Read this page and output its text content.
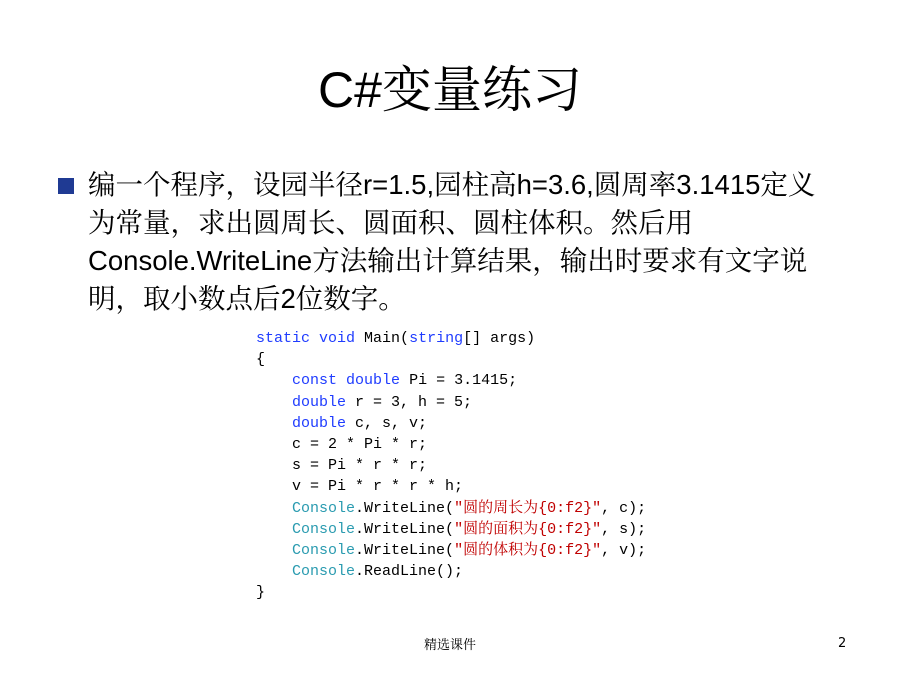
C#变量练习
编一个程序，设园半径r=1.5,园柱高h=3.6,圆周率3.1415定义为常量，求出圆周长、圆面积、圆柱体积。然后用Console.WriteLine方法输出计算结果，输出时要求有文字说明，取小数点后2位数字。
static void Main(string[] args)
{
const double Pi = 3.1415;
double r = 3, h = 5;
double c, s, v;
c = 2 * Pi * r;
s = Pi * r * r;
v = Pi * r * r * h;
Console.WriteLine("圆的周长为{0:f2}", c);
Console.WriteLine("圆的面积为{0:f2}", s);
Console.WriteLine("圆的体积为{0:f2}", v);
Console.ReadLine();
}
精选课件	2
